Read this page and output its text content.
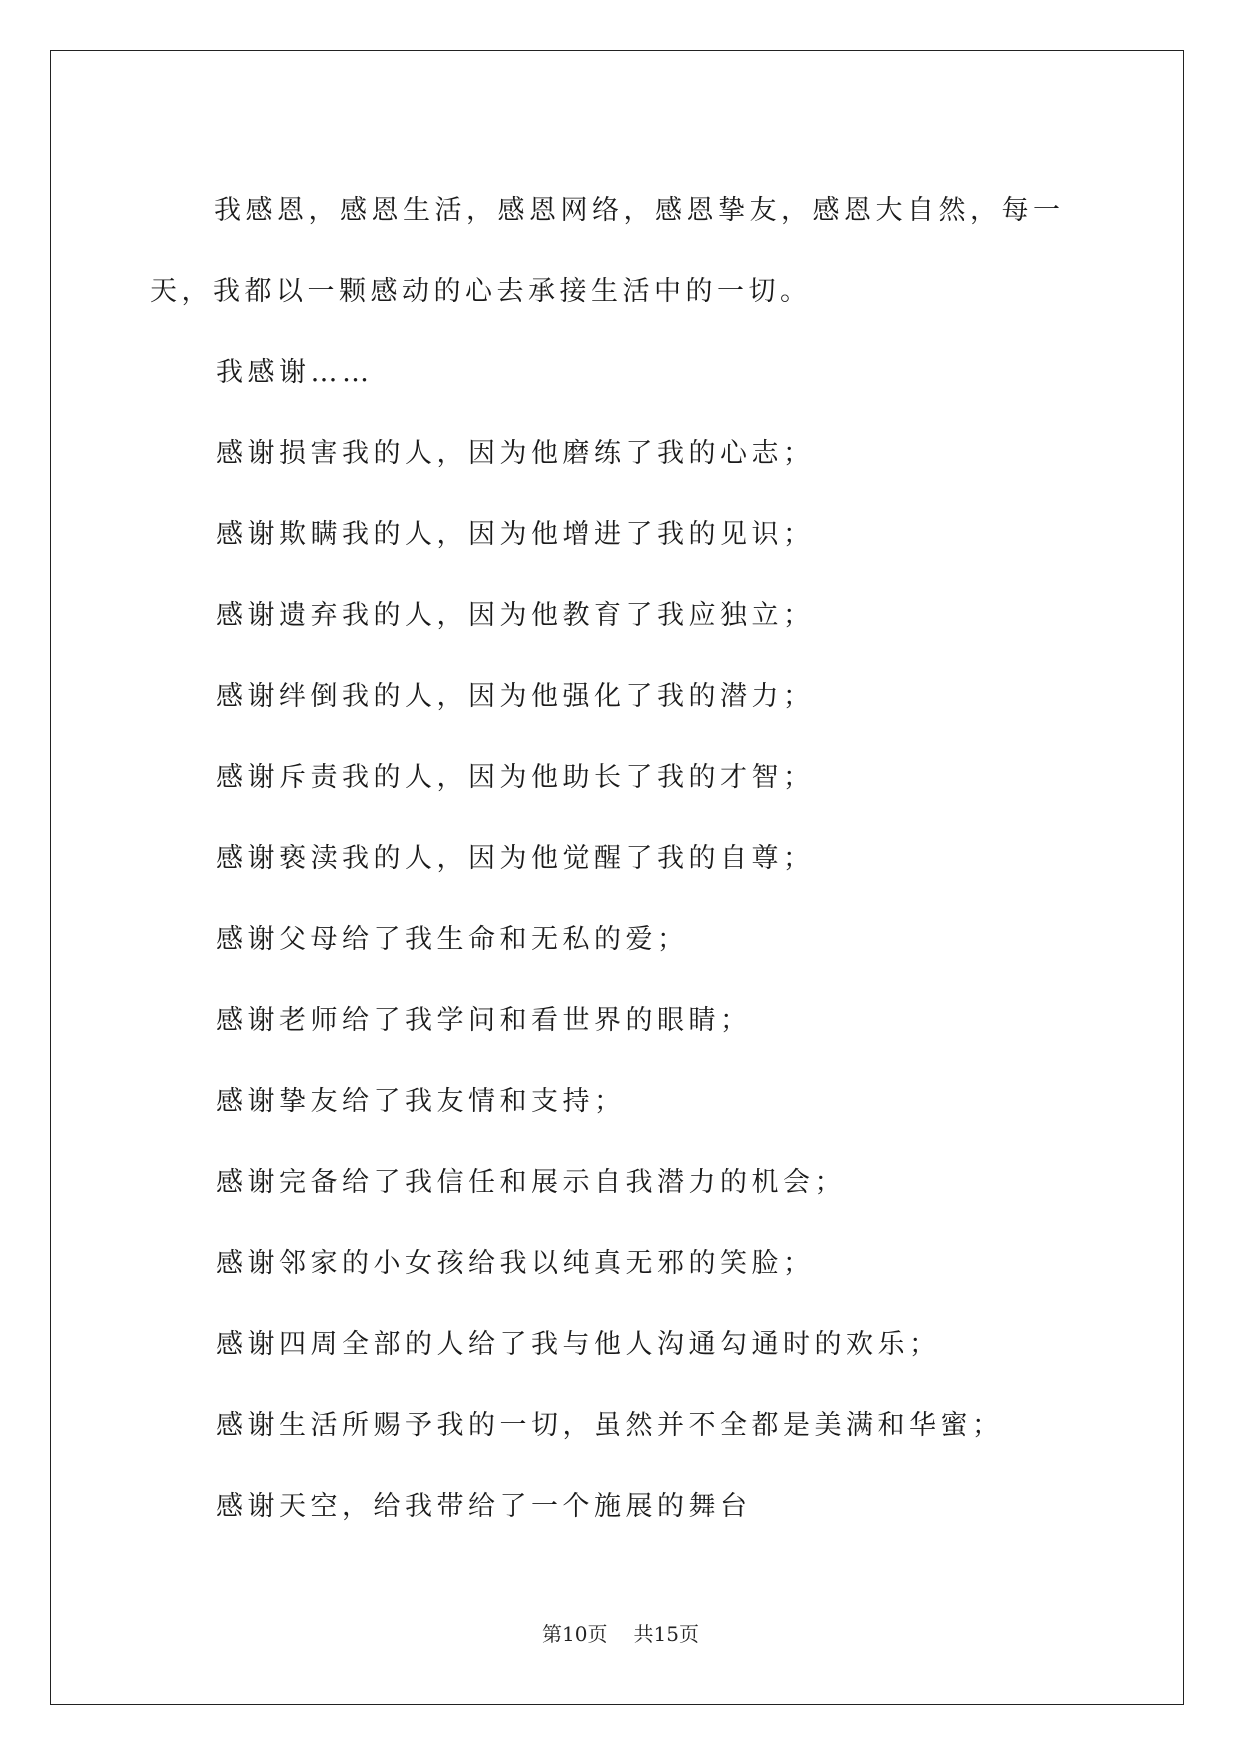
我感恩，感恩生活，感恩网络，感恩挚友，感恩大自然，每一天，我都以一颗感动的心去承接生活中的一切。

我感谢……

感谢损害我的人，因为他磨练了我的心志；

感谢欺瞒我的人，因为他增进了我的见识；

感谢遗弃我的人，因为他教育了我应独立；

感谢绊倒我的人，因为他强化了我的潜力；

感谢斥责我的人，因为他助长了我的才智；

感谢亵渎我的人，因为他觉醒了我的自尊；

感谢父母给了我生命和无私的爱；

感谢老师给了我学问和看世界的眼睛；

感谢挚友给了我友情和支持；

感谢完备给了我信任和展示自我潜力的机会；

感谢邻家的小女孩给我以纯真无邪的笑脸；

感谢四周全部的人给了我与他人沟通勾通时的欢乐；

感谢生活所赐予我的一切，虽然并不全都是美满和华蜜；

感谢天空，给我带给了一个施展的舞台

第10页 共15页
